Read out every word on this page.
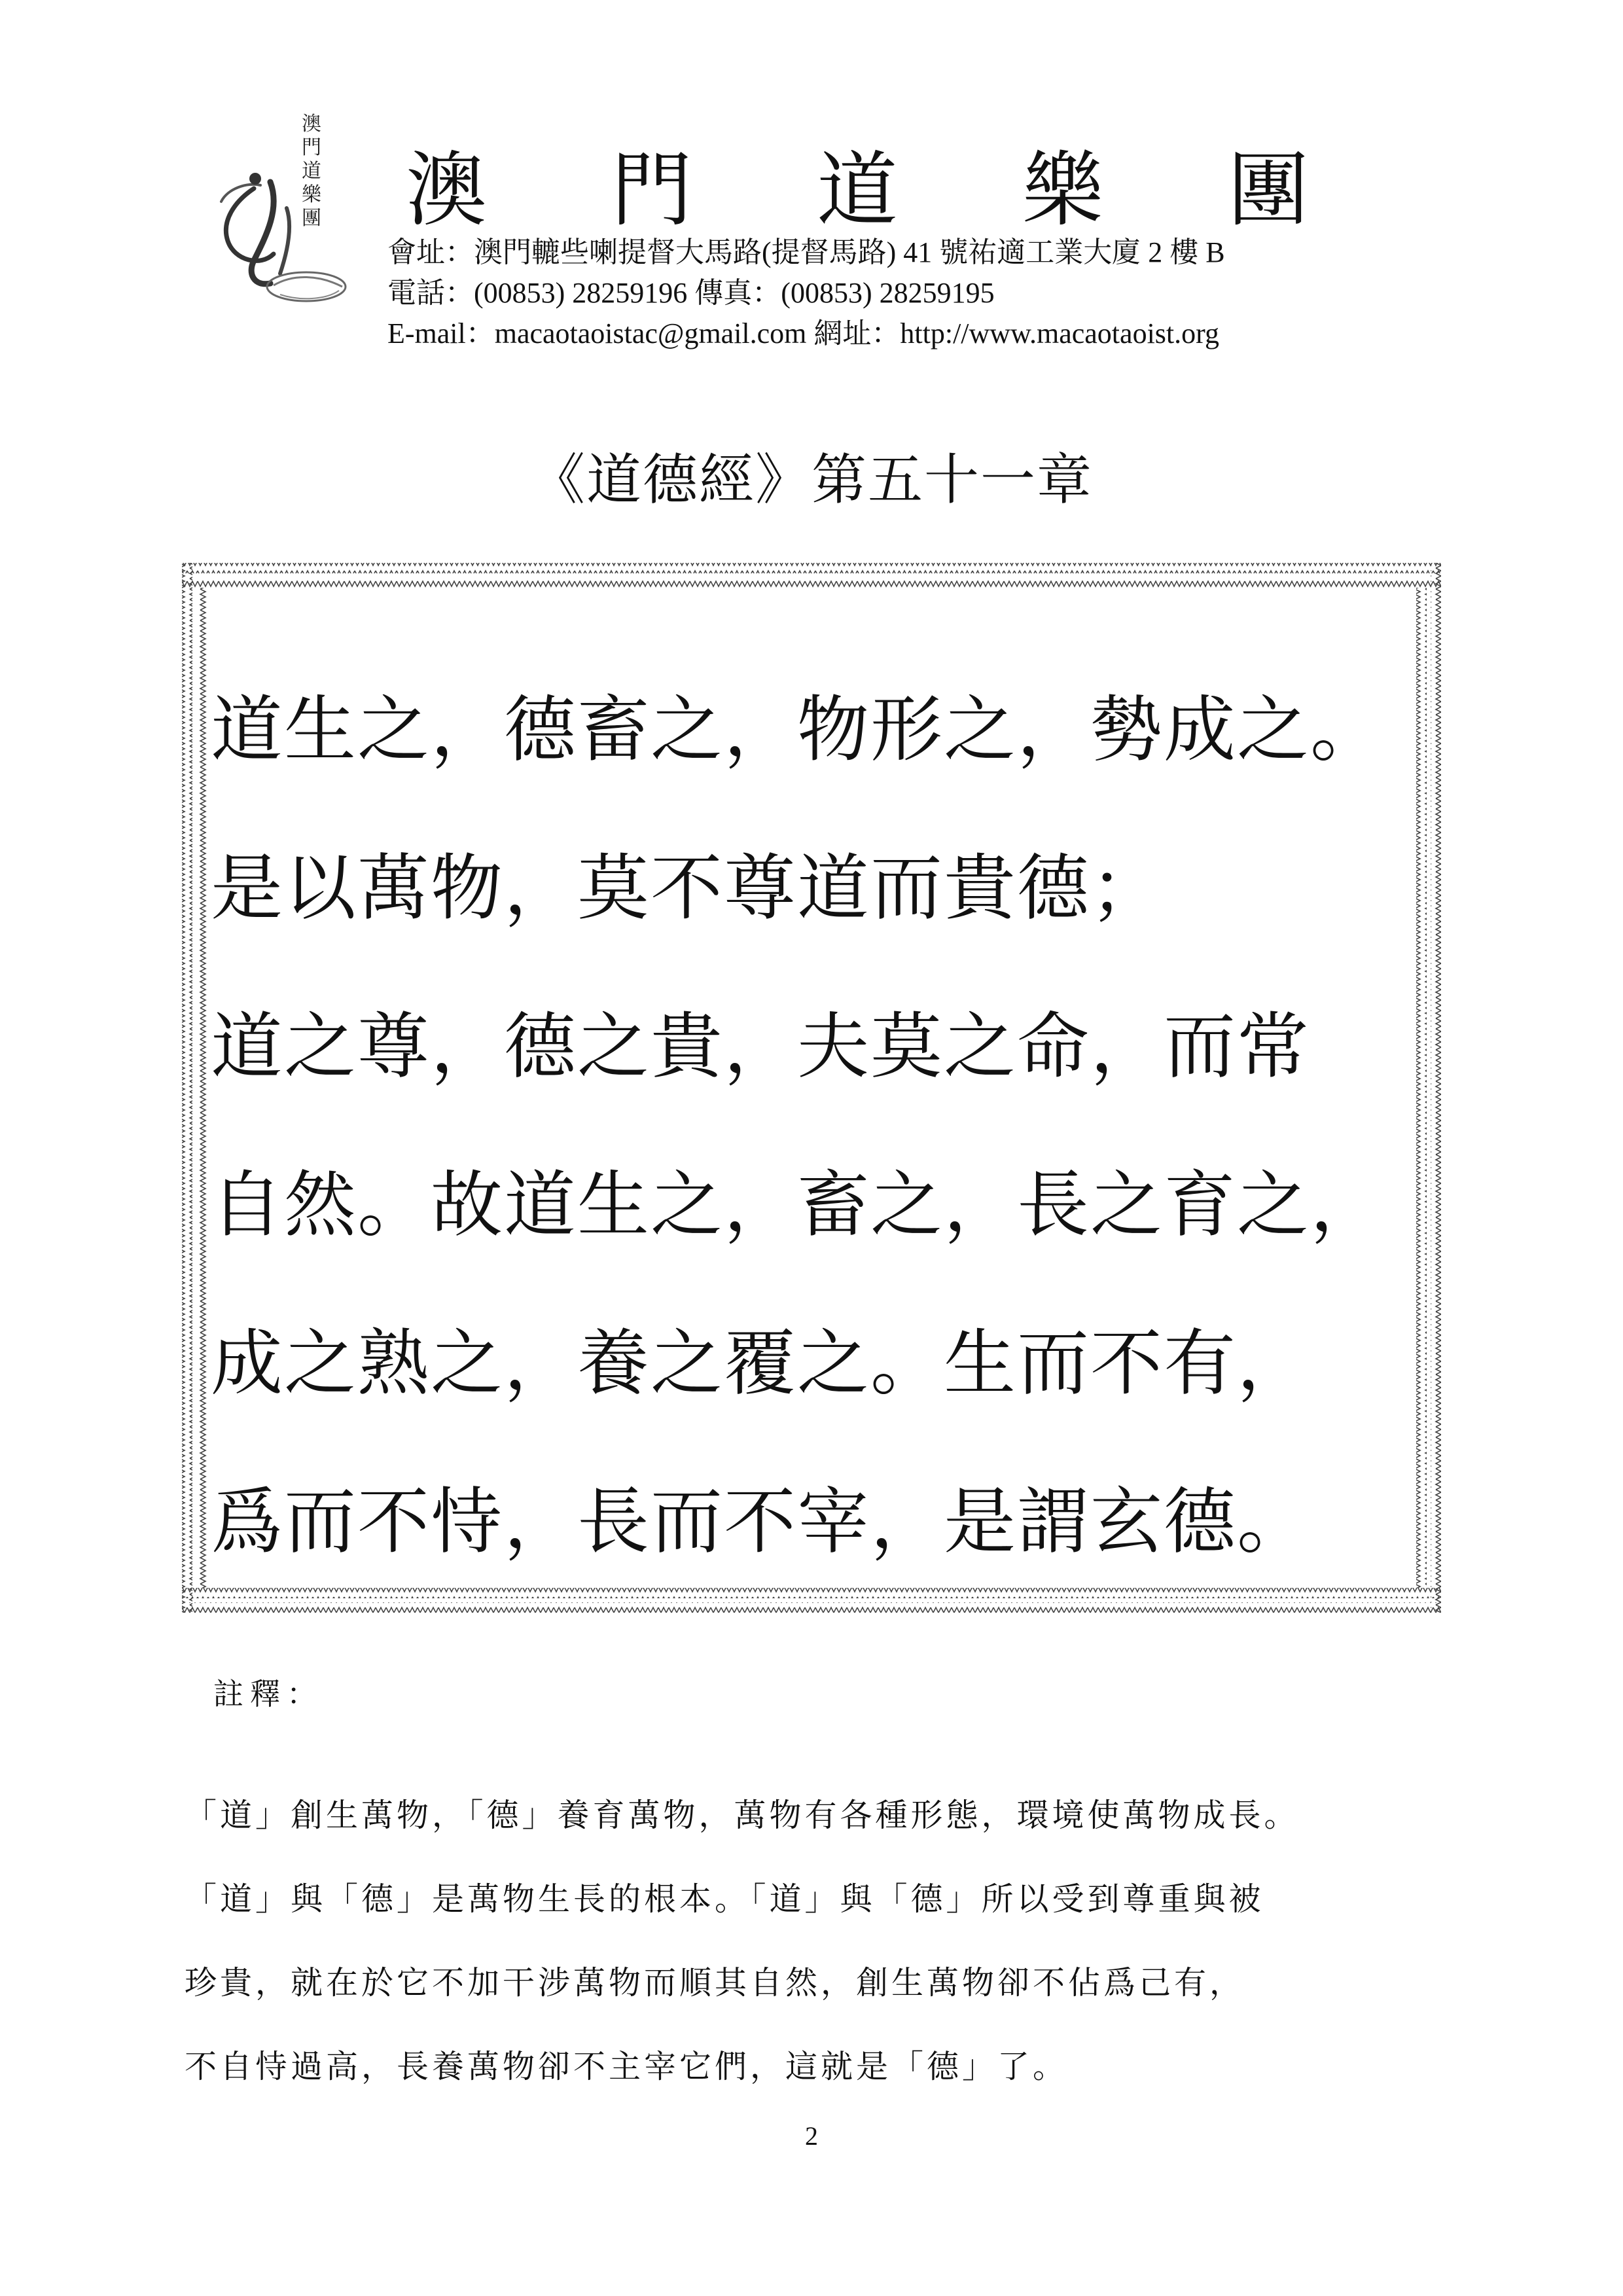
澳
門
道
樂
團 澳 門 道 樂 團
會址：澳門轆些喇提督大馬路(提督馬路) 41 號祐適工業大廈 2 樓 B
電話：(00853) 28259196 傳真：(00853) 28259195
E-mail：macaotaoistac@gmail.com 網址：http://www.macaotaoist.org
《道德經》第五十一章
道生之，德畜之，物形之，勢成之。
是以萬物，莫不尊道而貴德；
道之尊，德之貴，夫莫之命，而常
自然。故道生之，畜之，長之育之，
成之熟之，養之覆之。生而不有，
爲而不恃，長而不宰，是謂玄德。
註釋：
「道」創生萬物，「德」養育萬物，萬物有各種形態，環境使萬物成長。
「道」與「德」是萬物生長的根本。「道」與「德」所以受到尊重與被
珍貴，就在於它不加干涉萬物而順其自然，創生萬物卻不佔爲己有，
不自恃過高，長養萬物卻不主宰它們，這就是「德」了。
2
